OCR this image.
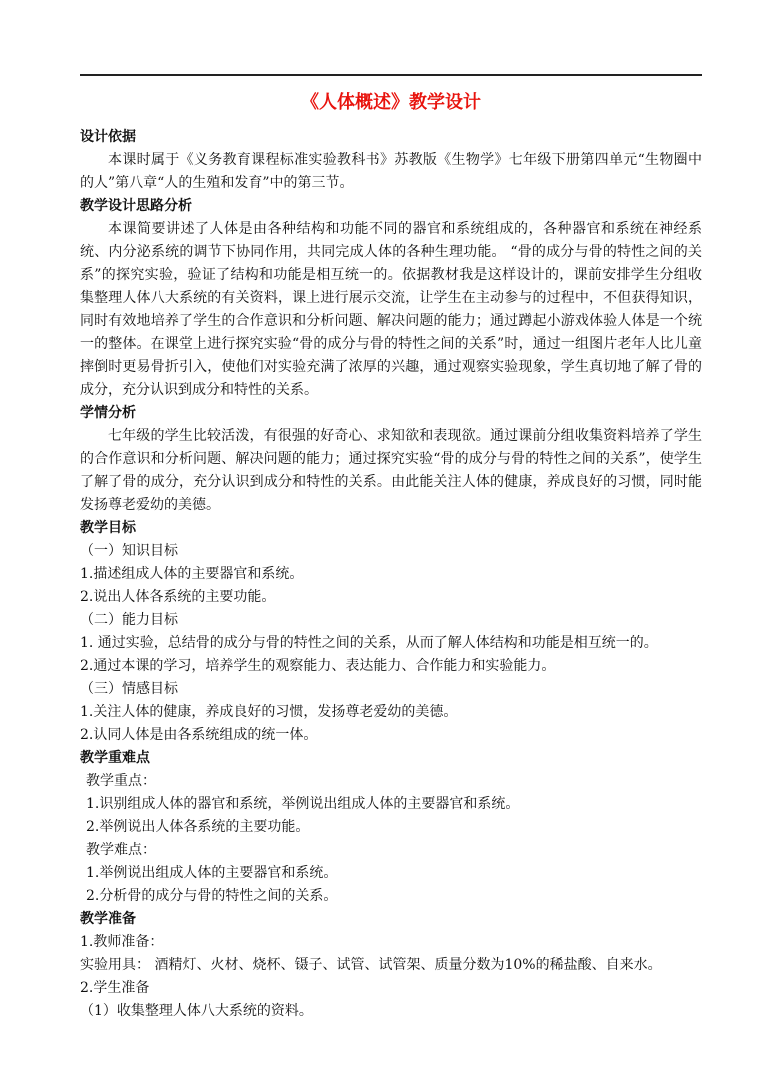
《人体概述》教学设计
设计依据
本课时属于《义务教育课程标准实验教科书》苏教版《生物学》七年级下册第四单元“生物圈中的人”第八章“人的生殖和发育”中的第三节。
教学设计思路分析
本课简要讲述了人体是由各种结构和功能不同的器官和系统组成的，各种器官和系统在神经系统、内分泌系统的调节下协同作用，共同完成人体的各种生理功能。 “骨的成分与骨的特性之间的关系”的探究实验，验证了结构和功能是相互统一的。依据教材我是这样设计的，课前安排学生分组收集整理人体八大系统的有关资料，课上进行展示交流，让学生在主动参与的过程中，不但获得知识，同时有效地培养了学生的合作意识和分析问题、解决问题的能力；通过蹲起小游戏体验人体是一个统一的整体。在课堂上进行探究实验“骨的成分与骨的特性之间的关系”时，通过一组图片老年人比儿童摔倒时更易骨折引入，使他们对实验充满了浓厚的兴趣，通过观察实验现象，学生真切地了解了骨的成分，充分认识到成分和特性的关系。
学情分析
七年级的学生比较活泼，有很强的好奇心、求知欲和表现欲。通过课前分组收集资料培养了学生的合作意识和分析问题、解决问题的能力；通过探究实验“骨的成分与骨的特性之间的关系”，使学生了解了骨的成分，充分认识到成分和特性的关系。由此能关注人体的健康，养成良好的习惯，同时能发扬尊老爱幼的美德。
教学目标
（一）知识目标
1.描述组成人体的主要器官和系统。
2.说出人体各系统的主要功能。
（二）能力目标
1. 通过实验，总结骨的成分与骨的特性之间的关系，从而了解人体结构和功能是相互统一的。
2.通过本课的学习，培养学生的观察能力、表达能力、合作能力和实验能力。
（三）情感目标
1.关注人体的健康，养成良好的习惯，发扬尊老爱幼的美德。
2.认同人体是由各系统组成的统一体。
教学重难点
教学重点：
1.识别组成人体的器官和系统，举例说出组成人体的主要器官和系统。
2.举例说出人体各系统的主要功能。
教学难点：
1.举例说出组成人体的主要器官和系统。
2.分析骨的成分与骨的特性之间的关系。
教学准备
1.教师准备：
实验用具： 酒精灯、火材、烧杯、镊子、试管、试管架、质量分数为10%的稀盐酸、自来水。
2.学生准备
（1）收集整理人体八大系统的资料。
